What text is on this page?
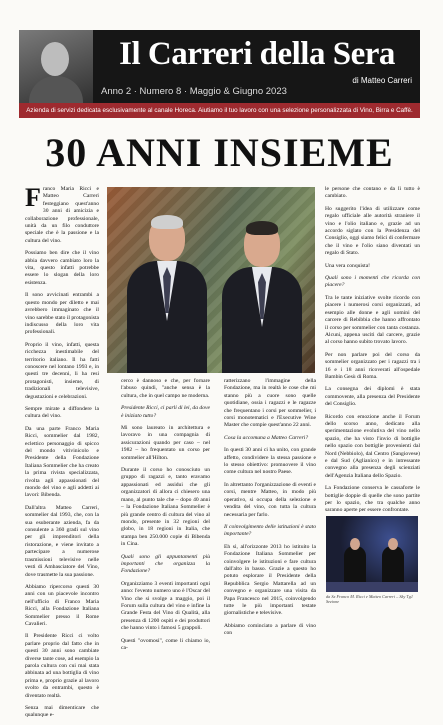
Il Carreri della Sera
di Matteo Carreri
Anno 2 · Numero 8 · Maggio & Giugno 2023
Azienda di servizi dedicata esclusivamente al canale Horeca. Aiutiamo il tuo lavoro con una selezione personalizzata di Vino, Birra e Caffè.
30 ANNI INSIEME

Franco Maria Ricci e Matteo Carreri festeggiano quest'anno 30 anni di amicizia e collaborazione professionale, unità da un filo conduttore speciale che è la passione e la cultura del vino.

Possiamo ben dire che il vino abbia davvero cambiato loro la vita, questo infatti potrebbe essere lo slogan della loro esistenza.

Il sono avvicinati entrambi a questo mondo per diletto e mai avrebbero immaginato che il vino sarebbe stato il protagonista indiscusso della loro vita professionali.

Proprio il vino, infatti, questa ricchezza inestimabile del territorio italiano. Il ha fatti conoscere nel lontano 1993 e, in questi tre decenni, li ha resi protagonisti, insieme, di tradizionali televisive, degustazioni e celebrazioni.

Sempre mirate a diffondere la cultura del vino.

Da una parte Franco Maria Ricci, sommelier dal 1982, eclettico personaggio di spicco del mondo vitivinicolo e Presidente della Fondazione Italiana Sommelier che ha creato la prima rivista specializzata, rivolta agli appassionati del mondo del vino e agli addetti ai lavori: Bibenda.

Dall'altra Matteo Carreri, sommelier dal 1993, che, con la sua esuberante azienda, fa da consulente a 360 gradi sul vino per gli imprenditori della ristorazione, e viene invitato a partecipare a numerose trasmissioni televisive nelle vesti di Ambasciatore del Vino, dove trasmette la sua passione.

Abbiamo ripercorso questi 30 anni con un piacevole incontro nell'ufficio di Franco Maria Ricci, alla Fondazione Italiana Sommelier presso il Rome Cavalieri.

Il Presidente Ricci ci volto parlare proprio dal fatto che in questi 30 anni sono cambiate diverse tante cose, ad esempio la parola cultura con cui mai stata abbinata ad una bottiglia di vino prima e, proprio grazie al lavoro svolto da entrambi, questo è diventato realtà.

Senza mai dimenticare che qualunque e-

cerco è dannoso e che, per fornare l'abuso quindi, "anche sensa è la cultura, che in quel campo ne moderna.

Presidente Ricci, ci parli di lei, da dove è iniziato tutto?

Mi sono laureato in architettura e lavoravo in una compagnia di assicurazioni quando per caso – nel 1982 – ho frequentato un corso per sommelier all'Hilton.

Durante il corso ho conosciuto un gruppo di ragazzi e, tanto eravamo appassionati ed assidui che gli organizzatori di allora ci chiesero una mano, al punto tale che – dopo 40 anni – la Fondazione Italiana Sommelier è più grande centro di cultura del vino al mondo, presente in 32 regioni del globo, in 18 regioni in Italia, che stampa ben 250.000 copie di Bibenda in Cina.

Quali sono gli appuntamenti più importanti che organizza la Fondazione?

Organizziamo 3 eventi importanti ogni anno: l'evento numero uno è l'Oscar del Vino che si svolge a maggio, poi il Forum sulla cultura del vino e infine la Grande Festa del Vino di Qualità, alla presenza di 1200 ospiti e dei produttori che hanno vinto i famosi 5 grappoli.

Questi "ovomosi", come li chiamo io, ca-

ratterizzano l'immagine della Fondazione, ma in realtà le cose che mi stanno più a cuore sono quelle quotidiane, ossia i ragazzi e le ragazze che frequentano i corsi per sommelier, i corsi monotematici e l'Executive Wine Master che compie quest'anno 22 anni.

Cosa la accomuna a Matteo Carreri?

In questi 30 anni ci ha unito, con grande affetto, condividere la stessa passione e lo stesso obiettivo: promuovere il vino come cultura nel nostro Paese.

In altrettanto l'organizzazione di eventi e corsi, mentre Matteo, in modo più operativo, si occupa della selezione e vendita del vino, con tutta la cultura necessaria per farlo.

Il coinvolgimento delle istituzioni è stato importante?

Eh sì, all'orizzonte 2013 ho istituito la Fondazione Italiana Sommelier per coinvolgere le istituzioni e fare cultura dall'alto in basso. Grazie a questo ho potuto esplorare il Presidente della Repubblica Sergio Mattarella ad un convegno e organizzare una visita da Papa Francesco nel 2015, coinvolgendo tutte le più importanti testate giornalistiche e televisive.

Abbiamo cominciato a parlare di vino con

le persone che contano e da lì tutto è cambiato.

Ho suggerito l'idea di utilizzare come regalo ufficiale alle autorità straniere il vino e l'olio italiano e, grazie ad un accordo siglato con la Presidenza del Consiglio, oggi siamo felici di confermare che il vino e l'olio siano diventati un regalo di Stato.

Una vera conquista!

Quali sono i momenti che ricorda con piacere?

Tra le tante iniziative svolte ricordo con piacere i numerosi corsi organizzati, ad esempio alle donne e agli uomini del carcere di Rebibbia che hanno affrontato il corso per sommelier con tanta costanza. Alcuni, appena usciti dal carcere, grazie al corso hanno subito trovato lavoro.

Per non parlare poi del corso da sommelier organizzato per i ragazzi tra i 16 e i 18 anni ricoverati all'ospedale Bambin Gesù di Roma.

La consegna dei diplomi è stata commovente, alla presenza del Presidente del Consiglio.

Ricordo con emozione anche il Forum dello scorso anno, dedicato alla sperimentazione evolutiva del vino nello spazio, che ha visto l'invio di bottiglie nello spazio con bottiglie provenienti dal Nord (Nebbiolo), dal Centro (Sangiovese) e dal Sud (Aglianico) e in intressante convegno alla presenza degli scienziati dell'Agenzia Italiana dello Spazio.

La Fondazione conserva le cassaforte le bottiglie doppie di quelle che sono partite per lo spazio, che tra qualche anno saranno aperte per essere confrontate.

da Sx Franco M. Ricci e Matteo Carreri – Sky Tg1 Sezione
